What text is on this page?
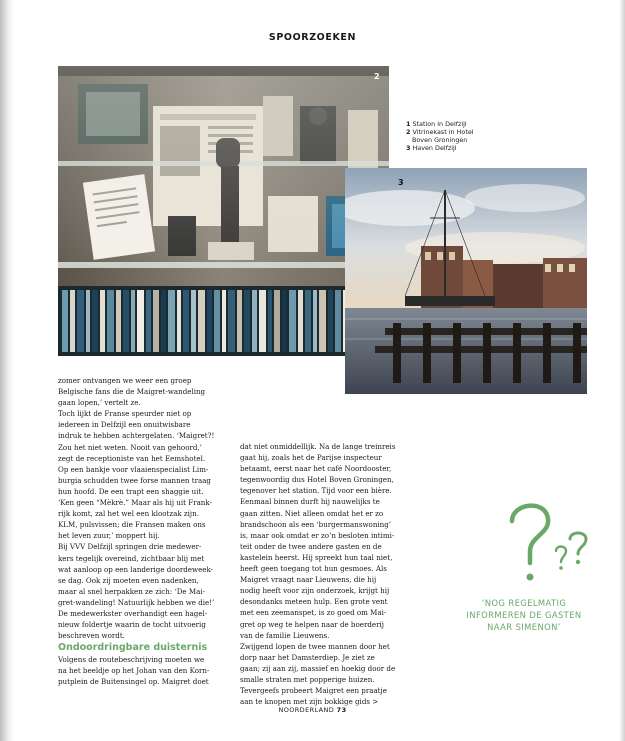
SPOORZOEKEN
2
3
1 Station in Delfzijl
2 Vitrinekast in Hotel
Boven Groningen
3 Haven Delfzijl

zomer ontvangen we weer een groep

Belgische fans die de Maigret-wandeling

gaan lopen,’ vertelt ze.

Toch lijkt de Franse speurder niet op

iedereen in Delfzijl een onuitwisbare

indruk te hebben achtergelaten. ‘Maigret?!

Zou het niet weten. Nooit van gehoord,’

zegt de receptioniste van het Eemshotel.

Op een bankje voor vlaaienspecialist Lim-

burgia schudden twee forse mannen traag

hun hoofd. De een trapt een shaggie uit.

‘Ken geen “Mèkrè.” Maar als hij uit Frank-

rijk komt, zal het wel een klootzak zijn.

KLM, pulsvissen; die Fransen maken ons

het leven zuur,’ moppert hij.

Bij VVV Delfzijl springen drie medewer-

kers tegelijk overeind, zichtbaar blij met

wat aanloop op een landerige doordeweek-

se dag. Ook zij moeten even nadenken,

maar al snel herpakken ze zich: ‘De Mai-

gret-wandeling! Natuurlijk hebben we die!’

De medewerkster overhandigt een hagel-

nieuw foldertje waarin de tocht uitvoerig

beschreven wordt.

Ondoordringbare duisternis

Volgens de routebeschrijving moeten we

na het beeldje op het Johan van den Korn-

putplein de Buitensingel op. Maigret doet

dat niet onmiddellijk. Na de lange treinreis

gaat hij, zoals het de Parijse inspecteur

betaamt, eerst naar het café Noordooster,

tegenwoordig dus Hotel Boven Groningen,

tegenover het station. Tijd voor een bière.

Eenmaal binnen durft hij nauwelijks te

gaan zitten. Niet alleen omdat het er zo

brandschoon als een ‘burgermanswoning’

is, maar ook omdat er zo’n besloten intimi-

teit onder de twee andere gasten en de

kastelein heerst. Hij spreekt hun taal niet,

heeft geen toegang tot hun gesmoes. Als

Maigret vraagt naar Lieuwens, die hij

nodig heeft voor zijn onderzoek, krijgt hij

desondanks meteen hulp. Een grote vent

met een zeemanspet, is zo goed om Mai-

gret op weg te helpen naar de boerderij

van de familie Lieuwens.

Zwijgend lopen de twee mannen door het

dorp naar het Damsterdiep. Je ziet ze

gaan; zij aan zij, massief en hoekig door de

smalle straten met popperige huizen.

Tevergeefs probeert Maigret een praatje

aan te knopen met zijn bokkige gids >

‘NOG REGELMATIG
INFORMEREN DE GASTEN
NAAR SIMENON’
NOORDERLAND 73
